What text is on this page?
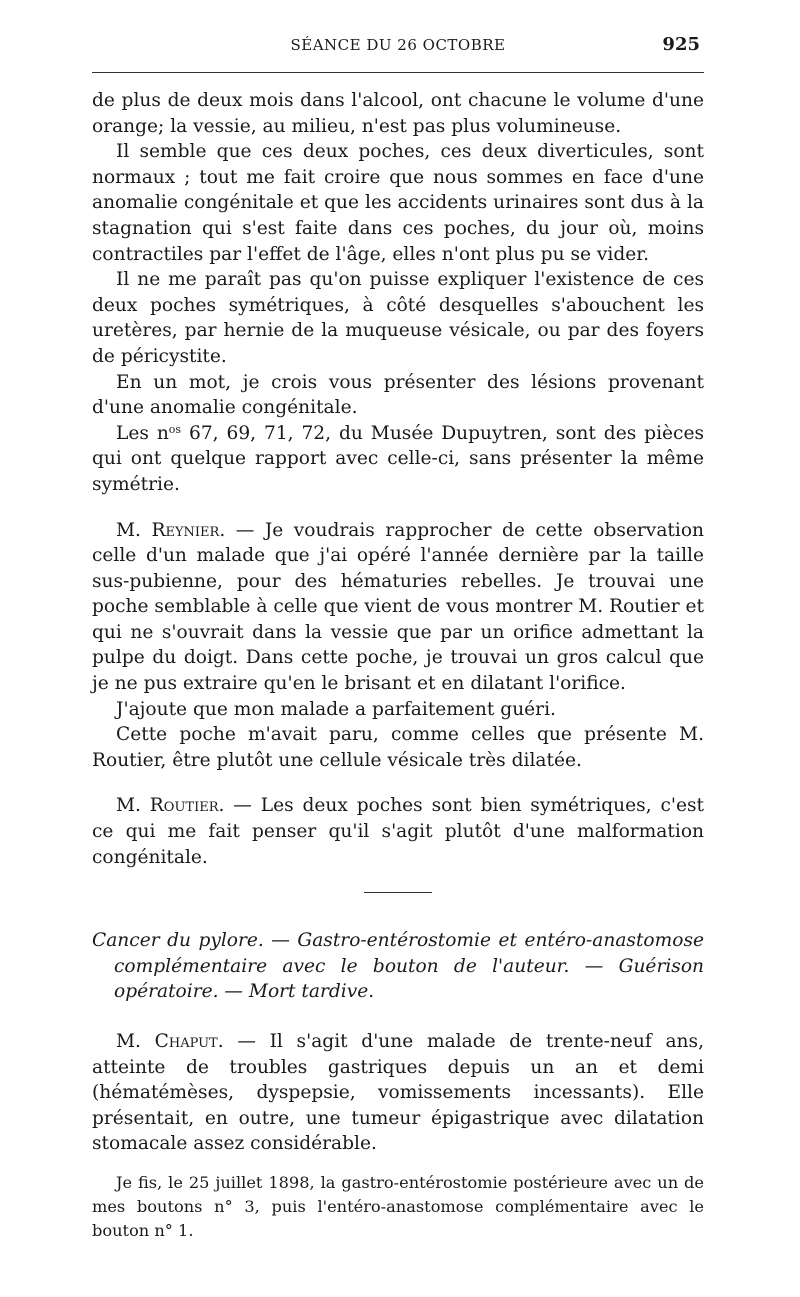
SÉANCE DU 26 OCTOBRE	925

de plus de deux mois dans l'alcool, ont chacune le volume d'une orange; la vessie, au milieu, n'est pas plus volumineuse.

Il semble que ces deux poches, ces deux diverticules, sont normaux ; tout me fait croire que nous sommes en face d'une anomalie congénitale et que les accidents urinaires sont dus à la stagnation qui s'est faite dans ces poches, du jour où, moins contractiles par l'effet de l'âge, elles n'ont plus pu se vider.

Il ne me paraît pas qu'on puisse expliquer l'existence de ces deux poches symétriques, à côté desquelles s'abouchent les uretères, par hernie de la muqueuse vésicale, ou par des foyers de péricystite.

En un mot, je crois vous présenter des lésions provenant d'une anomalie congénitale.

Les $n^{os}$ 67, 69, 71, 72, du Musée Dupuytren, sont des pièces qui ont quelque rapport avec celle-ci, sans présenter la même symétrie.

M. Reynier. — Je voudrais rapprocher de cette observation celle d'un malade que j'ai opéré l'année dernière par la taille sus-pubienne, pour des hématuries rebelles. Je trouvai une poche semblable à celle que vient de vous montrer M. Routier et qui ne s'ouvrait dans la vessie que par un orifice admettant la pulpe du doigt. Dans cette poche, je trouvai un gros calcul que je ne pus extraire qu'en le brisant et en dilatant l'orifice.

J'ajoute que mon malade a parfaitement guéri.

Cette poche m'avait paru, comme celles que présente M. Routier, être plutôt une cellule vésicale très dilatée.

M. Routier. — Les deux poches sont bien symétriques, c'est ce qui me fait penser qu'il s'agit plutôt d'une malformation congénitale.

Cancer du pylore. — Gastro-entérostomie et entéro-anastomose complémentaire avec le bouton de l'auteur. — Guérison opératoire. — Mort tardive.

M. Chaput. — Il s'agit d'une malade de trente-neuf ans, atteinte de troubles gastriques depuis un an et demi (hématémèses, dyspepsie, vomissements incessants). Elle présentait, en outre, une tumeur épigastrique avec dilatation stomacale assez considérable.

Je fis, le 25 juillet 1898, la gastro-entérostomie postérieure avec un de mes boutons n° 3, puis l'entéro-anastomose complémentaire avec le bouton n° 1.
